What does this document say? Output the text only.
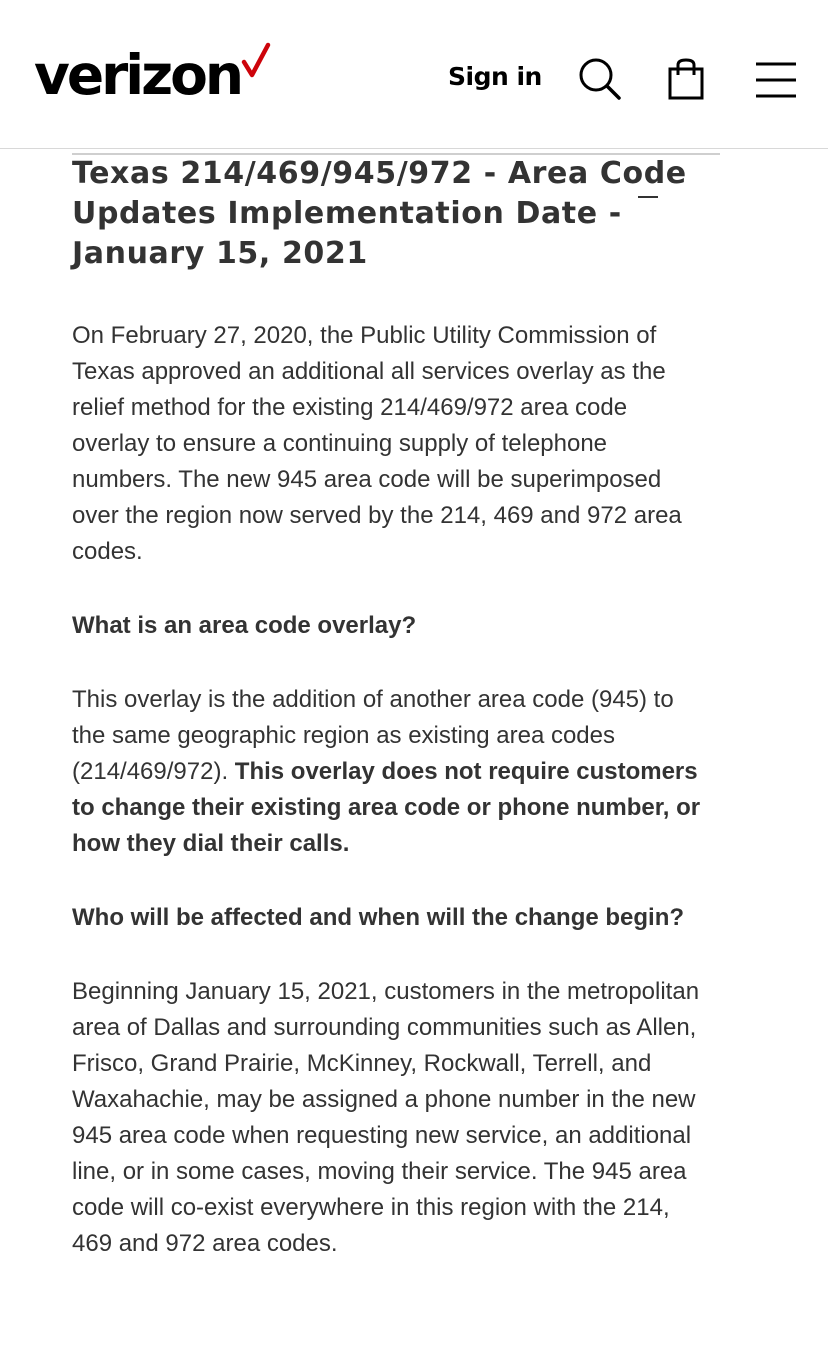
verizon	Sign in
Texas 214/469/945/972 - Area Code Updates Implementation Date - January 15, 2021

On February 27, 2020, the Public Utility Commission of Texas approved an additional all services overlay as the relief method for the existing 214/469/972 area code overlay to ensure a continuing supply of telephone numbers. The new 945 area code will be superimposed over the region now served by the 214, 469 and 972 area codes.

What is an area code overlay?

This overlay is the addition of another area code (945) to the same geographic region as existing area codes (214/469/972). This overlay does not require customers to change their existing area code or phone number, or how they dial their calls.

Who will be affected and when will the change begin?

Beginning January 15, 2021, customers in the metropolitan area of Dallas and surrounding communities such as Allen, Frisco, Grand Prairie, McKinney, Rockwall, Terrell, and Waxahachie, may be assigned a phone number in the new 945 area code when requesting new service, an additional line, or in some cases, moving their service. The 945 area code will co-exist everywhere in this region with the 214, 469 and 972 area codes.
